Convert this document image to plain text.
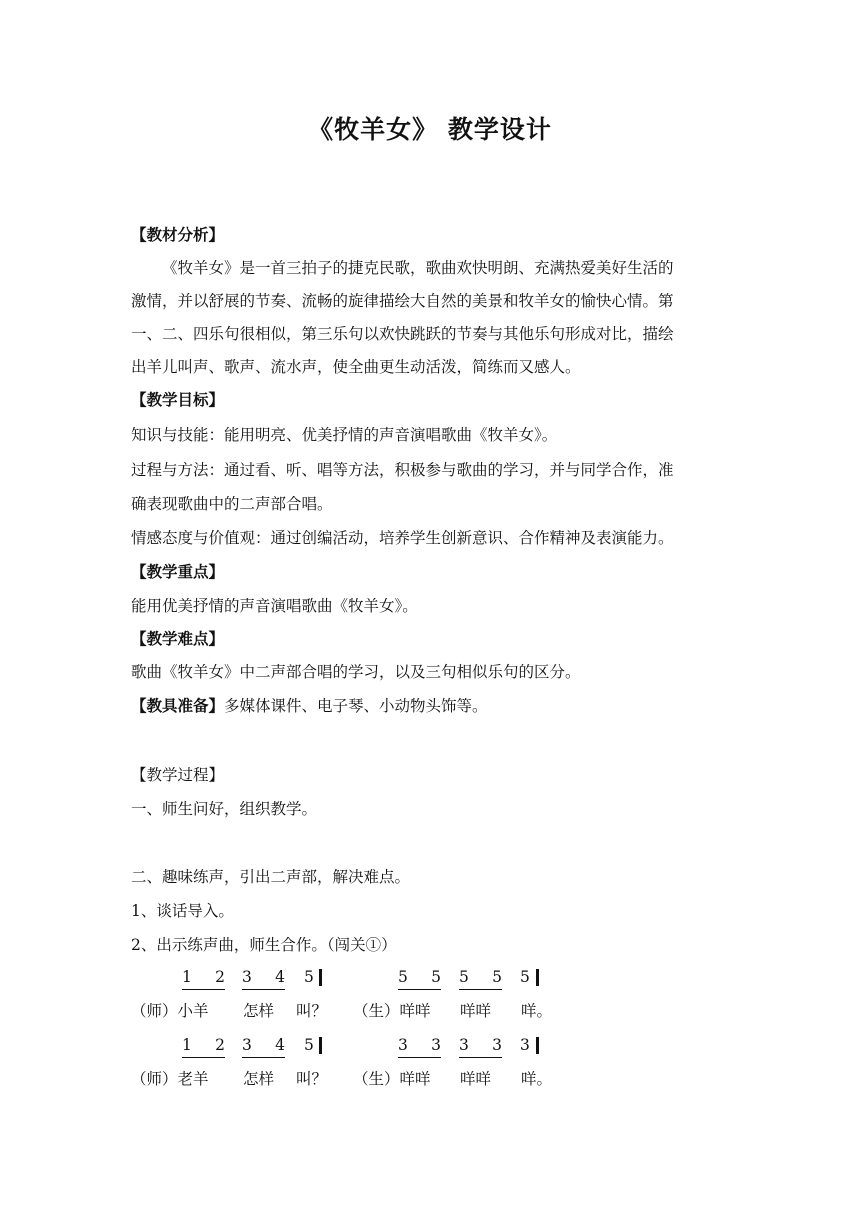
《牧羊女》 教学设计
【教材分析】
《牧羊女》是一首三拍子的捷克民歌，歌曲欢快明朗、充满热爱美好生活的
激情，并以舒展的节奏、流畅的旋律描绘大自然的美景和牧羊女的愉快心情。第
一、二、四乐句很相似，第三乐句以欢快跳跃的节奏与其他乐句形成对比，描绘
出羊儿叫声、歌声、流水声，使全曲更生动活泼，简练而又感人。
【教学目标】
知识与技能：能用明亮、优美抒情的声音演唱歌曲《牧羊女》。
过程与方法：通过看、听、唱等方法，积极参与歌曲的学习，并与同学合作，准
确表现歌曲中的二声部合唱。
情感态度与价值观：通过创编活动，培养学生创新意识、合作精神及表演能力。
【教学重点】
能用优美抒情的声音演唱歌曲《牧羊女》。
【教学难点】
歌曲《牧羊女》中二声部合唱的学习，以及三句相似乐句的区分。
【教具准备】多媒体课件、电子琴、小动物头饰等。
【教学过程】
一、师生问好，组织教学。
二、趣味练声，引出二声部，解决难点。
1、谈话导入。
2、出示练声曲，师生合作。（闯关①）
1  2 3  4 5	5  5 5  5 5
（师）小羊 怎样 叫？ （生）咩咩 咩咩 咩。
1  2 3  4 5	3  3 3  3 3
（师）老羊 怎样 叫？ （生）咩咩 咩咩 咩。
